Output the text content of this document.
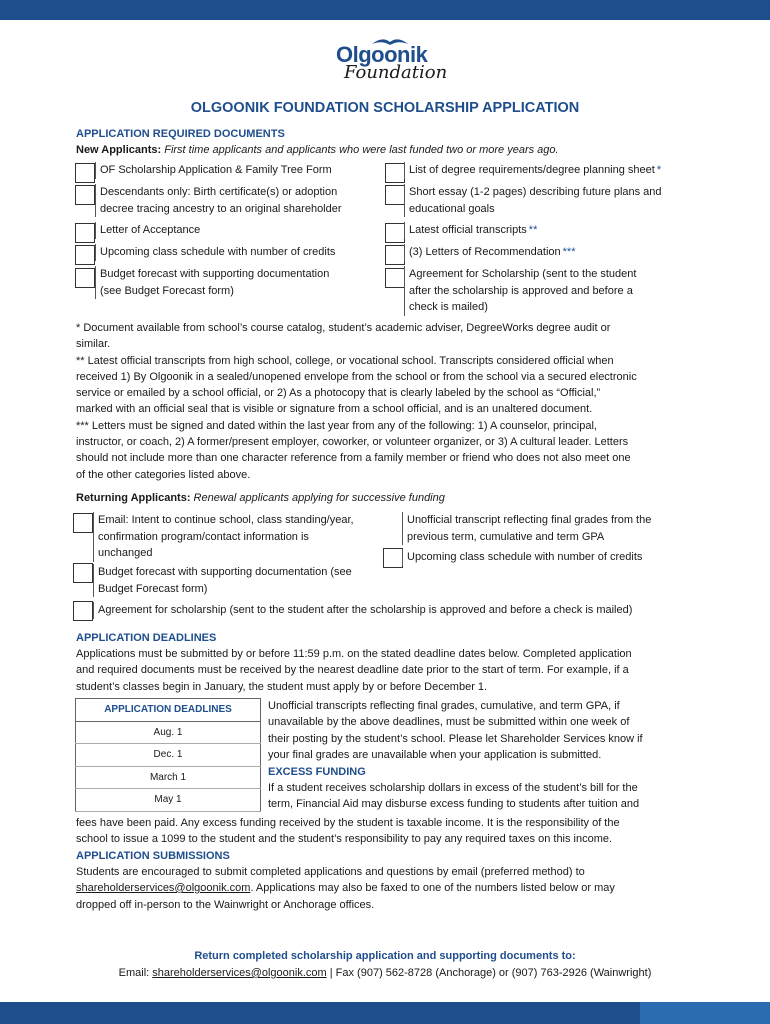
Olgoonik
Foundation
OLGOONIK FOUNDATION SCHOLARSHIP APPLICATION
APPLICATION REQUIRED DOCUMENTS
New Applicants: First time applicants and applicants who were last funded two or more years ago.
OF Scholarship Application & Family Tree Form
Descendants only: Birth certificate(s) or adoption
decree tracing ancestry to an original shareholder
Letter of Acceptance
Upcoming class schedule with number of credits
Budget forecast with supporting documentation
(see Budget Forecast form)
List of degree requirements/degree planning sheet *
Short essay (1-2 pages) describing future plans and
educational goals
Latest official transcripts **
(3) Letters of Recommendation ***
Agreement for Scholarship (sent to the student
after the scholarship is approved and before a
check is mailed)
* Document available from school’s course catalog, student’s academic adviser, DegreeWorks degree audit or
similar.
** Latest official transcripts from high school, college, or vocational school. Transcripts considered official when
received 1) By Olgoonik in a sealed/unopened envelope from the school or from the school via a secured electronic
service or emailed by a school official, or 2) As a photocopy that is clearly labeled by the school as “Official,”
marked with an official seal that is visible or signature from a school official, and is an unaltered document.
*** Letters must be signed and dated within the last year from any of the following: 1) A counselor, principal,
instructor, or coach, 2) A former/present employer, coworker, or volunteer organizer, or 3) A cultural leader. Letters
should not include more than one character reference from a family member or friend who does not also meet one
of the other categories listed above.
Returning Applicants: Renewal applicants applying for successive funding
Email: Intent to continue school, class standing/year,
confirmation program/contact information is
unchanged
Budget forecast with supporting documentation (see
Budget Forecast form)
Unofficial transcript reflecting final grades from the
previous term, cumulative and term GPA
Upcoming class schedule with number of credits
Agreement for scholarship (sent to the student after the scholarship is approved and before a check is mailed)
APPLICATION DEADLINES
Applications must be submitted by or before 11:59 p.m. on the stated deadline dates below. Completed application
and required documents must be received by the nearest deadline date prior to the start of term. For example, if a
student’s classes begin in January, the student must apply by or before December 1.
APPLICATION DEADLINES
Aug. 1
Dec. 1
March 1
May 1
Unofficial transcripts reflecting final grades, cumulative, and term GPA, if
unavailable by the above deadlines, must be submitted within one week of
their posting by the student’s school. Please let Shareholder Services know if
your final grades are unavailable when your application is submitted.
EXCESS FUNDING
If a student receives scholarship dollars in excess of the student’s bill for the
term, Financial Aid may disburse excess funding to students after tuition and
fees have been paid. Any excess funding received by the student is taxable income. It is the responsibility of the
school to issue a 1099 to the student and the student’s responsibility to pay any required taxes on this income.
APPLICATION SUBMISSIONS
Students are encouraged to submit completed applications and questions by email (preferred method) to
shareholderservices@olgoonik.com. Applications may also be faxed to one of the numbers listed below or may
dropped off in-person to the Wainwright or Anchorage offices.
Return completed scholarship application and supporting documents to:
Email: shareholderservices@olgoonik.com | Fax (907) 562-8728 (Anchorage) or (907) 763-2926 (Wainwright)
